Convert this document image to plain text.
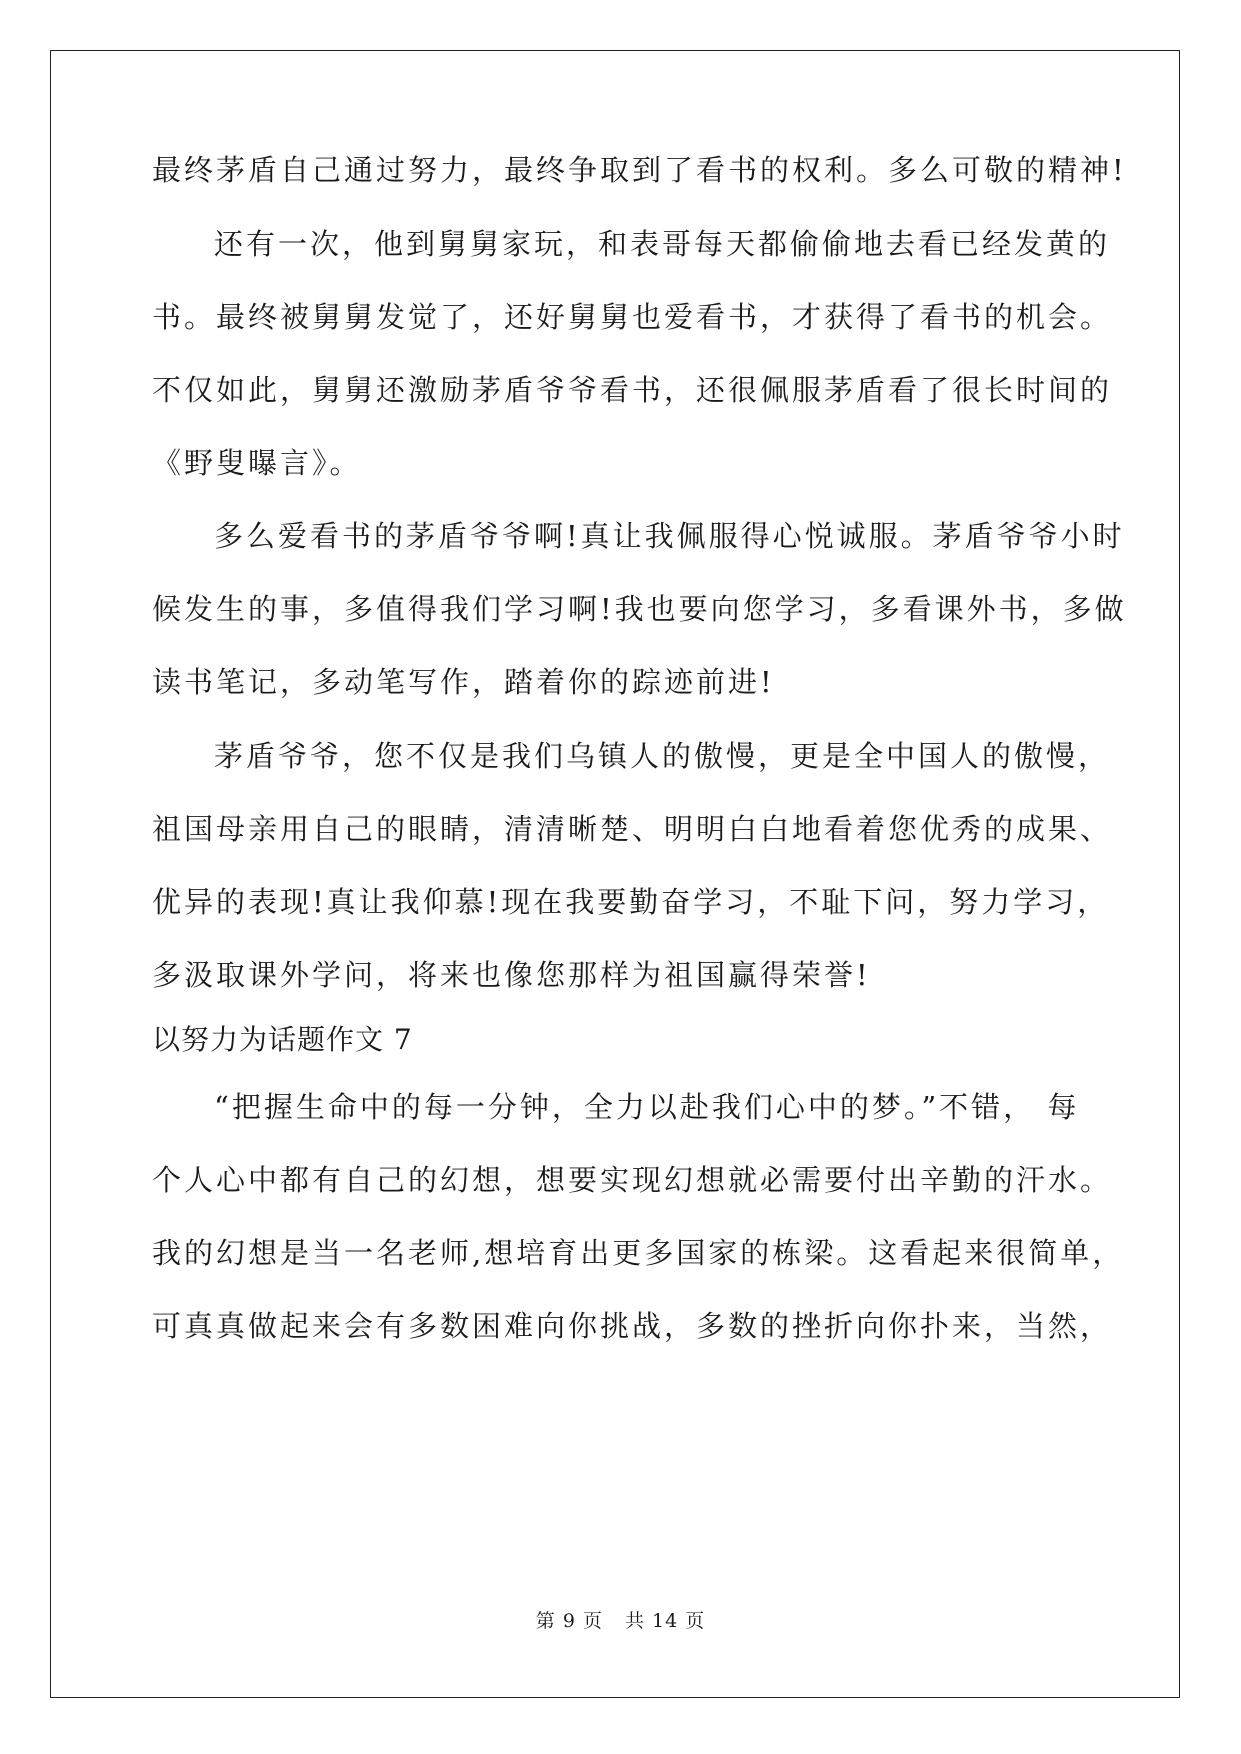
最终茅盾自己通过努力，最终争取到了看书的权利。多么可敬的精神!
还有一次，他到舅舅家玩，和表哥每天都偷偷地去看已经发黄的
书。最终被舅舅发觉了，还好舅舅也爱看书，才获得了看书的机会。
不仅如此，舅舅还激励茅盾爷爷看书，还很佩服茅盾看了很长时间的
《野叟曝言》。
多么爱看书的茅盾爷爷啊!真让我佩服得心悦诚服。茅盾爷爷小时
候发生的事，多值得我们学习啊!我也要向您学习，多看课外书，多做
读书笔记，多动笔写作，踏着你的踪迹前进!
茅盾爷爷，您不仅是我们乌镇人的傲慢，更是全中国人的傲慢，
祖国母亲用自己的眼睛，清清晰楚、明明白白地看着您优秀的成果、
优异的表现!真让我仰慕!现在我要勤奋学习，不耻下问，努力学习，
多汲取课外学问，将来也像您那样为祖国赢得荣誉!
以努力为话题作文 7
“把握生命中的每一分钟，全力以赴我们心中的梦。”不错， 每
个人心中都有自己的幻想，想要实现幻想就必需要付出辛勤的汗水。
我的幻想是当一名老师,想培育出更多国家的栋梁。这看起来很简单，
可真真做起来会有多数困难向你挑战，多数的挫折向你扑来，当然，
第 9 页 共 14 页
